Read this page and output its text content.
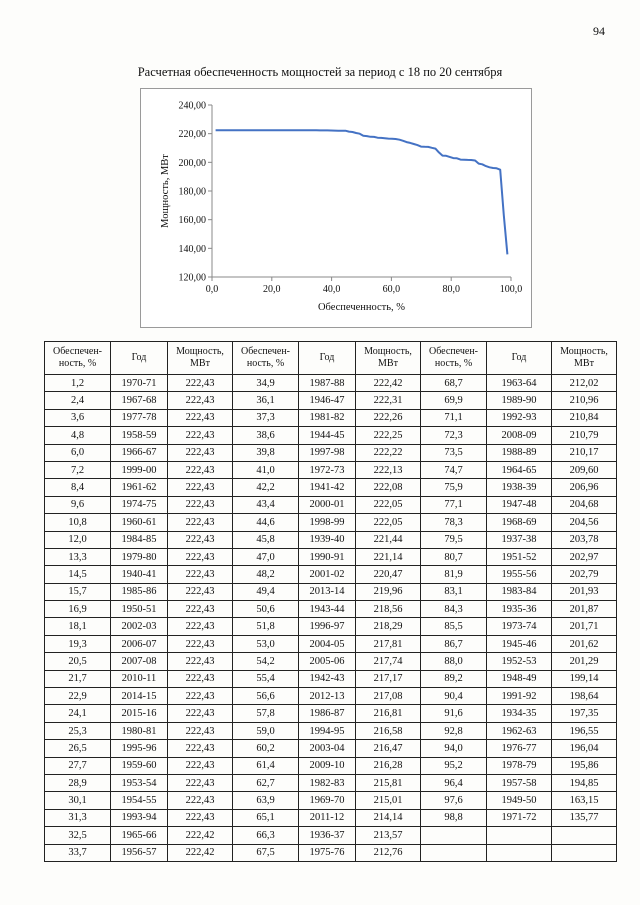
94
Расчетная обеспеченность мощностей за период с 18 по 20 сентября
120,00
140,00
160,00
180,00
200,00
220,00
240,00
0,0	20,0	40,0	60,0	80,0	100,0
Обеспеченность, %
Мощность, МВт
Обеспечен-ность, %	Год	Мощность, МВт	Обеспечен-ность, %	Год	Мощность, МВт	Обеспечен-ность, %	Год	Мощность, МВт
1,2	1970-71	222,43	34,9	1987-88	222,42	68,7	1963-64	212,02
2,4	1967-68	222,43	36,1	1946-47	222,31	69,9	1989-90	210,96
3,6	1977-78	222,43	37,3	1981-82	222,26	71,1	1992-93	210,84
4,8	1958-59	222,43	38,6	1944-45	222,25	72,3	2008-09	210,79
6,0	1966-67	222,43	39,8	1997-98	222,22	73,5	1988-89	210,17
7,2	1999-00	222,43	41,0	1972-73	222,13	74,7	1964-65	209,60
8,4	1961-62	222,43	42,2	1941-42	222,08	75,9	1938-39	206,96
9,6	1974-75	222,43	43,4	2000-01	222,05	77,1	1947-48	204,68
10,8	1960-61	222,43	44,6	1998-99	222,05	78,3	1968-69	204,56
12,0	1984-85	222,43	45,8	1939-40	221,44	79,5	1937-38	203,78
13,3	1979-80	222,43	47,0	1990-91	221,14	80,7	1951-52	202,97
14,5	1940-41	222,43	48,2	2001-02	220,47	81,9	1955-56	202,79
15,7	1985-86	222,43	49,4	2013-14	219,96	83,1	1983-84	201,93
16,9	1950-51	222,43	50,6	1943-44	218,56	84,3	1935-36	201,87
18,1	2002-03	222,43	51,8	1996-97	218,29	85,5	1973-74	201,71
19,3	2006-07	222,43	53,0	2004-05	217,81	86,7	1945-46	201,62
20,5	2007-08	222,43	54,2	2005-06	217,74	88,0	1952-53	201,29
21,7	2010-11	222,43	55,4	1942-43	217,17	89,2	1948-49	199,14
22,9	2014-15	222,43	56,6	2012-13	217,08	90,4	1991-92	198,64
24,1	2015-16	222,43	57,8	1986-87	216,81	91,6	1934-35	197,35
25,3	1980-81	222,43	59,0	1994-95	216,58	92,8	1962-63	196,55
26,5	1995-96	222,43	60,2	2003-04	216,47	94,0	1976-77	196,04
27,7	1959-60	222,43	61,4	2009-10	216,28	95,2	1978-79	195,86
28,9	1953-54	222,43	62,7	1982-83	215,81	96,4	1957-58	194,85
30,1	1954-55	222,43	63,9	1969-70	215,01	97,6	1949-50	163,15
31,3	1993-94	222,43	65,1	2011-12	214,14	98,8	1971-72	135,77
32,5	1965-66	222,42	66,3	1936-37	213,57			
33,7	1956-57	222,42	67,5	1975-76	212,76			
